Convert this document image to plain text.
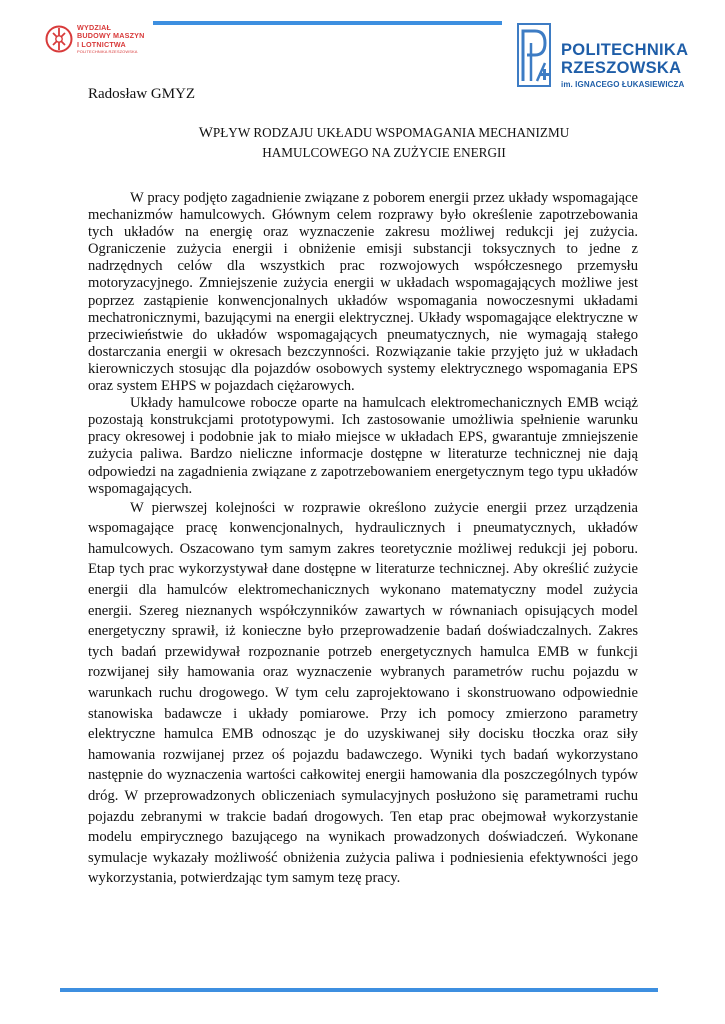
WYDZIAŁ
BUDOWY MASZYN
I LOTNICTWA
POLITECHNIKA RZESZOWSKA	POLITECHNIKA
RZESZOWSKA
im. IGNACEGO ŁUKASIEWICZA
Radosław GMYZ
WPŁYW RODZAJU UKŁADU WSPOMAGANIA MECHANIZMU
HAMULCOWEGO NA ZUŻYCIE ENERGII

W pracy podjęto zagadnienie związane z poborem energii przez układy wspomagające mechanizmów hamulcowych. Głównym celem rozprawy było określenie zapotrzebowania tych układów na energię oraz wyznaczenie zakresu możliwej redukcji jej zużycia. Ograniczenie zużycia energii i obniżenie emisji substancji toksycznych to jedne z nadrzędnych celów dla wszystkich prac rozwojowych współczesnego przemysłu motoryzacyjnego. Zmniejszenie zużycia energii w układach wspomagających możliwe jest poprzez zastąpienie konwencjonalnych układów wspomagania nowoczesnymi układami mechatronicznymi, bazującymi na energii elektrycznej. Układy wspomagające elektryczne w przeciwieństwie do układów wspomagających pneumatycznych, nie wymagają stałego dostarczania energii w okresach bezczynności. Rozwiązanie takie przyjęto już w układach kierowniczych stosując dla pojazdów osobowych systemy elektrycznego wspomagania EPS oraz system EHPS w pojazdach ciężarowych.

Układy hamulcowe robocze oparte na hamulcach elektromechanicznych EMB wciąż pozostają konstrukcjami prototypowymi. Ich zastosowanie umożliwia spełnienie warunku pracy okresowej i podobnie jak to miało miejsce w układach EPS, gwarantuje zmniejszenie zużycia paliwa. Bardzo nieliczne informacje dostępne w literaturze technicznej nie dają odpowiedzi na zagadnienia związane z zapotrzebowaniem energetycznym tego typu układów wspomagających.

W pierwszej kolejności w rozprawie określono zużycie energii przez urządzenia wspomagające pracę konwencjonalnych, hydraulicznych i pneumatycznych, układów hamulcowych. Oszacowano tym samym zakres teoretycznie możliwej redukcji jej poboru. Etap tych prac wykorzystywał dane dostępne w literaturze technicznej. Aby określić zużycie energii dla hamulców elektromechanicznych wykonano matematyczny model zużycia energii. Szereg nieznanych współczynników zawartych w równaniach opisujących model energetyczny sprawił, iż konieczne było przeprowadzenie badań doświadczalnych. Zakres tych badań przewidywał rozpoznanie potrzeb energetycznych hamulca EMB w funkcji rozwijanej siły hamowania oraz wyznaczenie wybranych parametrów ruchu pojazdu w warunkach ruchu drogowego. W tym celu zaprojektowano i skonstruowano odpowiednie stanowiska badawcze i układy pomiarowe. Przy ich pomocy zmierzono parametry elektryczne hamulca EMB odnosząc je do uzyskiwanej siły docisku tłoczka oraz siły hamowania rozwijanej przez oś pojazdu badawczego. Wyniki tych badań wykorzystano następnie do wyznaczenia wartości całkowitej energii hamowania dla poszczególnych typów dróg. W przeprowadzonych obliczeniach symulacyjnych posłużono się parametrami ruchu pojazdu zebranymi w trakcie badań drogowych. Ten etap prac obejmował wykorzystanie modelu empirycznego bazującego na wynikach prowadzonych doświadczeń. Wykonane symulacje wykazały możliwość obniżenia zużycia paliwa i podniesienia efektywności jego wykorzystania, potwierdzając tym samym tezę pracy.
